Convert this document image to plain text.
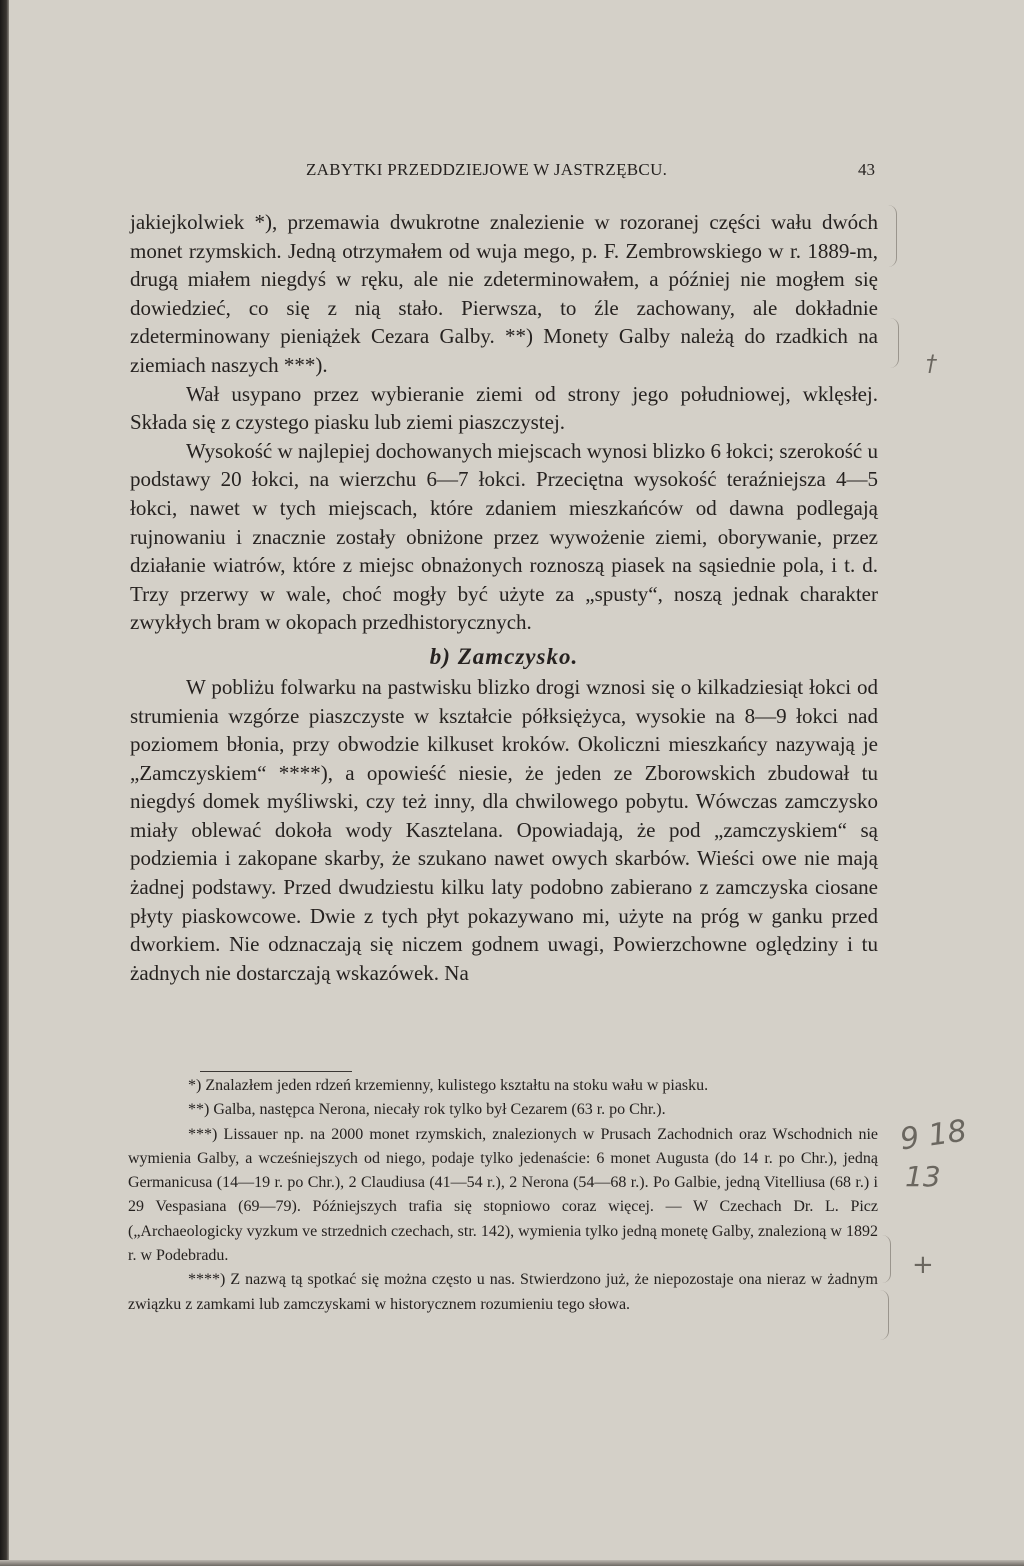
ZABYTKI PRZEDDZIEJOWE W JASTRZĘBCU.	43

jakiejkolwiek *), przemawia dwukrotne znalezienie w rozoranej części wału dwóch monet rzymskich. Jedną otrzymałem od wuja mego, p. F. Zembrowskiego w r. 1889-m, drugą miałem niegdyś w ręku, ale nie zdeterminowałem, a później nie mogłem się dowiedzieć, co się z nią stało. Pierwsza, to źle zachowany, ale dokładnie zdeterminowany pieniążek Cezara Galby. **) Monety Galby należą do rzadkich na ziemiach naszych ***).

Wał usypano przez wybieranie ziemi od strony jego południowej, wklęsłej. Składa się z czystego piasku lub ziemi piaszczystej.

Wysokość w najlepiej dochowanych miejscach wynosi blizko 6 łokci; szerokość u podstawy 20 łokci, na wierzchu 6—7 łokci. Przeciętna wysokość teraźniejsza 4—5 łokci, nawet w tych miejscach, które zdaniem mieszkańców od dawna podlegają rujnowaniu i znacznie zostały obniżone przez wywożenie ziemi, oborywanie, przez działanie wiatrów, które z miejsc obnażonych roznoszą piasek na sąsiednie pola, i t. d. Trzy przerwy w wale, choć mogły być użyte za „spusty“, noszą jednak charakter zwykłych bram w okopach przedhistorycznych.

b) Zamczysko.

W pobliżu folwarku na pastwisku blizko drogi wznosi się o kilkadziesiąt łokci od strumienia wzgórze piaszczyste w kształcie półksiężyca, wysokie na 8—9 łokci nad poziomem błonia, przy obwodzie kilkuset kroków. Okoliczni mieszkańcy nazywają je „Zamczyskiem“ ****), a opowieść niesie, że jeden ze Zborowskich zbudował tu niegdyś domek myśliwski, czy też inny, dla chwilowego pobytu. Wówczas zamczysko miały oblewać dokoła wody Kasztelana. Opowiadają, że pod „zamczyskiem“ są podziemia i zakopane skarby, że szukano nawet owych skarbów. Wieści owe nie mają żadnej podstawy. Przed dwudziestu kilku laty podobno zabierano z zamczyska ciosane płyty piaskowcowe. Dwie z tych płyt pokazywano mi, użyte na próg w ganku przed dworkiem. Nie odznaczają się niczem godnem uwagi, Powierzchowne oględziny i tu żadnych nie dostarczają wskazówek. Na

*) Znalazłem jeden rdzeń krzemienny, kulistego kształtu na stoku wału w piasku.

**) Galba, następca Nerona, niecały rok tylko był Cezarem (63 r. po Chr.).

***) Lissauer np. na 2000 monet rzymskich, znalezionych w Prusach Zachodnich oraz Wschodnich nie wymienia Galby, a wcześniejszych od niego, podaje tylko jedenaście: 6 monet Augusta (do 14 r. po Chr.), jedną Germanicusa (14—19 r. po Chr.), 2 Claudiusa (41—54 r.), 2 Nerona (54—68 r.). Po Galbie, jedną Vitelliusa (68 r.) i 29 Vespasiana (69—79). Późniejszych trafia się stopniowo coraz więcej. — W Czechach Dr. L. Picz („Archaeologicky vyzkum ve strzednich czechach, str. 142), wymienia tylko jedną monetę Galby, znalezioną w 1892 r. w Podebradu.

****) Z nazwą tą spotkać się można często u nas. Stwierdzono już, że niepozostaje ona nieraz w żadnym związku z zamkami lub zamczyskami w historycznem rozumieniu tego słowa.

†
9 18
13
+
